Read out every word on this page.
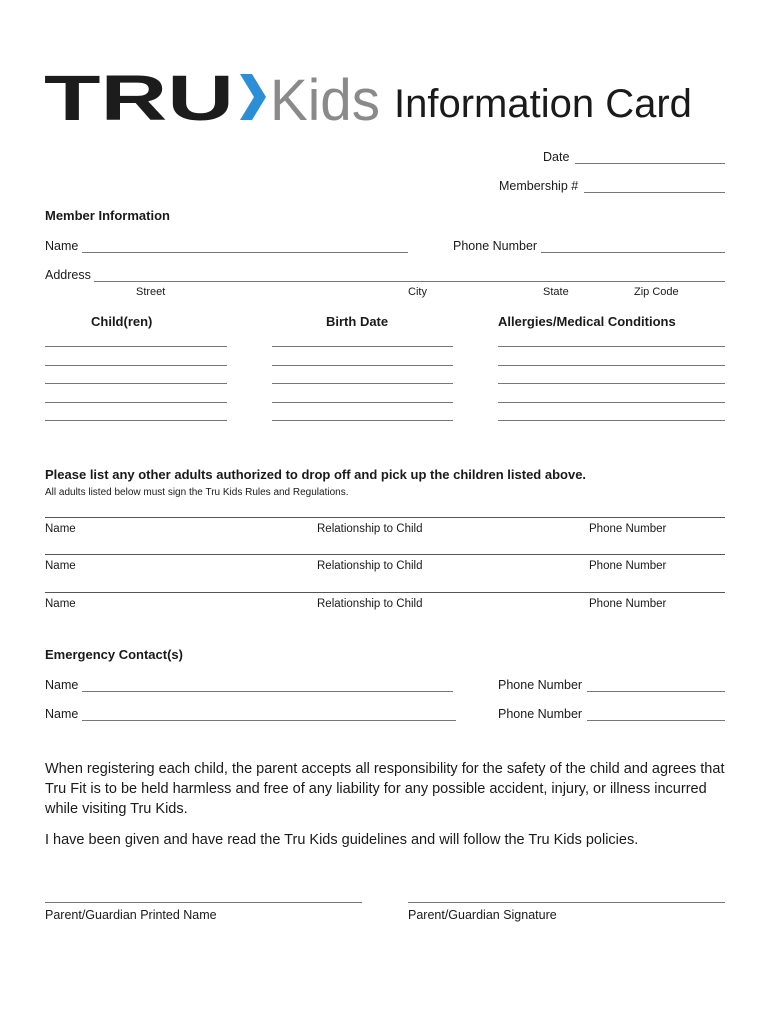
TRU Kids Information Card
Date
Membership #
Member Information
Name	Phone Number
Address
Street	City	State	Zip Code
Child(ren)	Birth Date	Allergies/Medical Conditions
Please list any other adults authorized to drop off and pick up the children listed above.
All adults listed below must sign the Tru Kids Rules and Regulations.
Name	Relationship to Child	Phone Number
Name	Relationship to Child	Phone Number
Name	Relationship to Child	Phone Number
Emergency Contact(s)
Name	Phone Number
Name	Phone Number
When registering each child, the parent accepts all responsibility for the safety of the child and agrees that Tru Fit is to be held harmless and free of any liability for any possible accident, injury, or illness incurred while visiting Tru Kids.
I have been given and have read the Tru Kids guidelines and will follow the Tru Kids policies.
Parent/Guardian Printed Name	Parent/Guardian Signature
